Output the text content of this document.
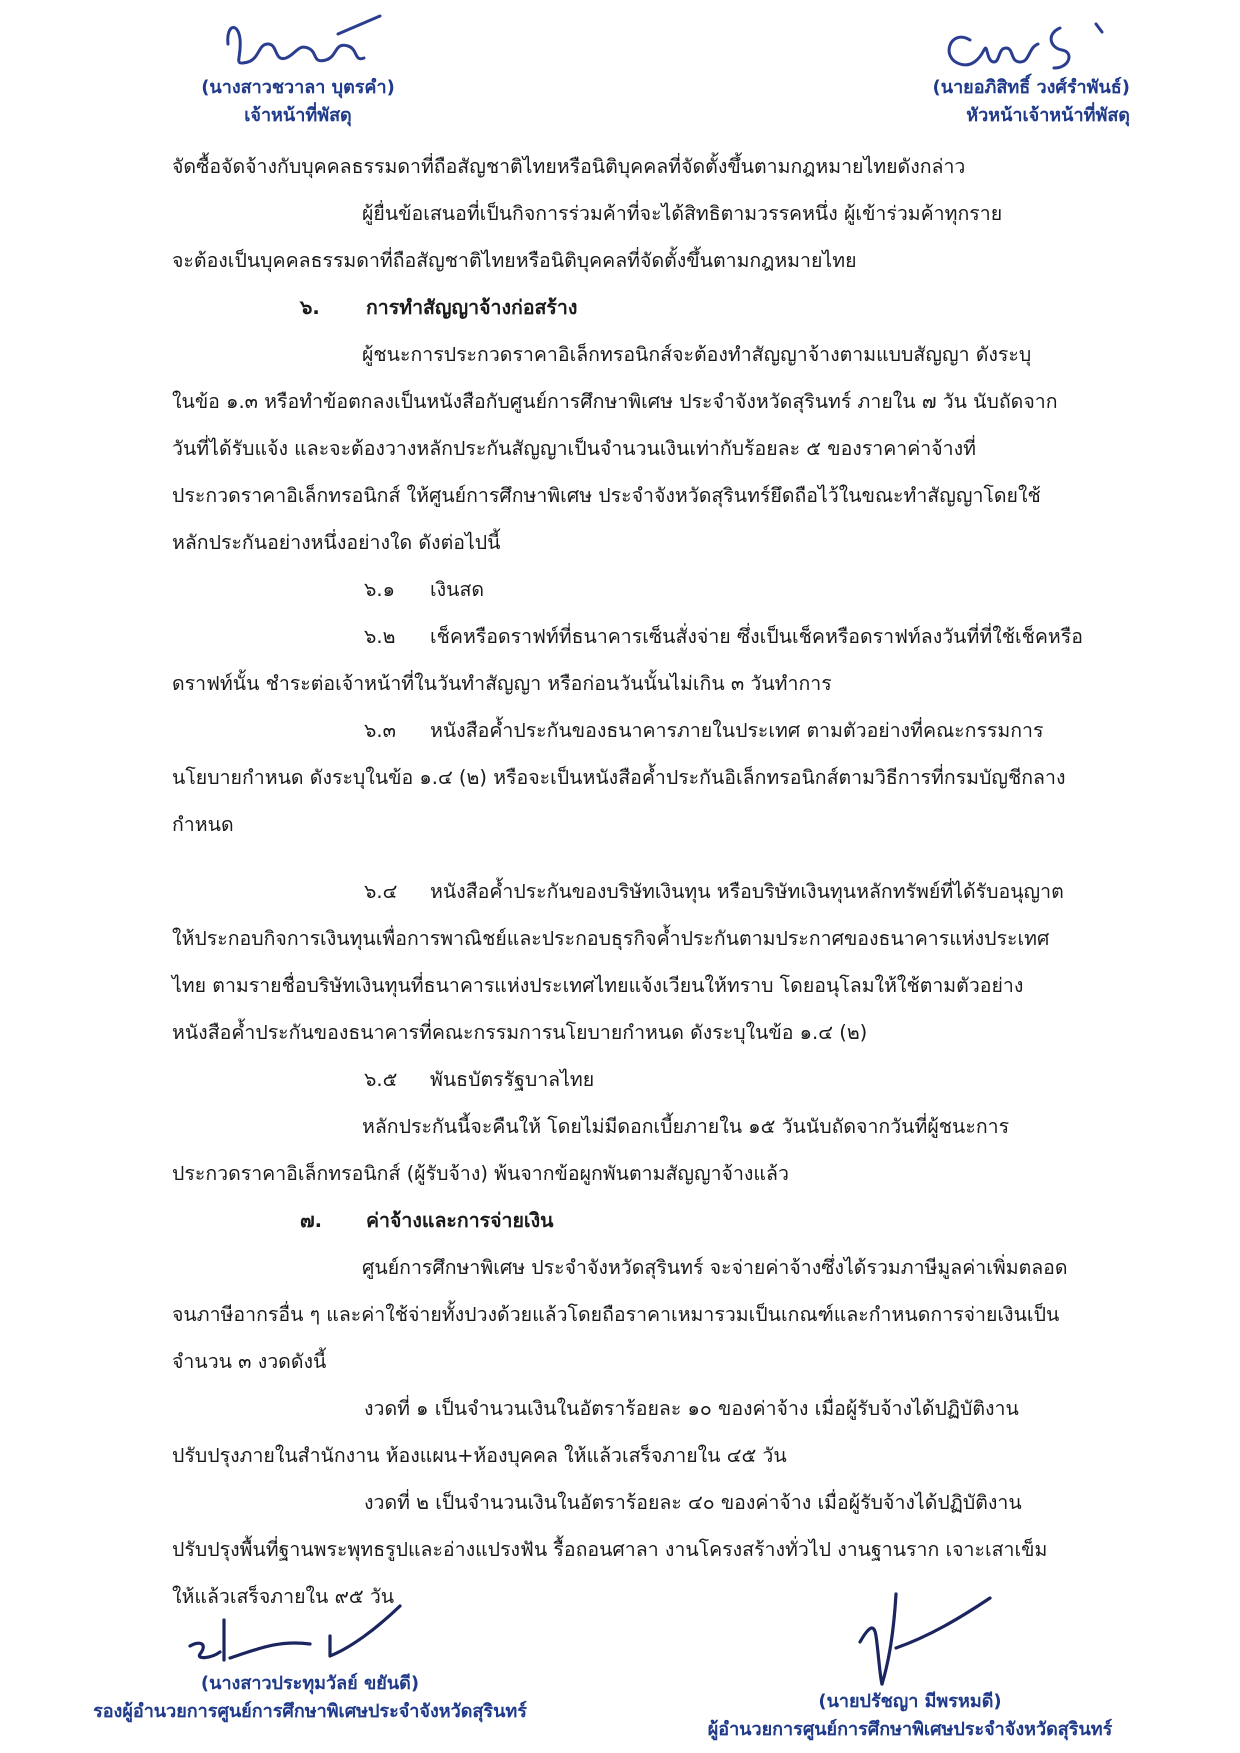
(นางสาวชวาลา บุตรคำ)
เจ้าหน้าที่พัสดุ
(นายอภิสิทธิ์ วงศ์รำพันธ์)
หัวหน้าเจ้าหน้าที่พัสดุ
จัดซื้อจัดจ้างกับบุคคลธรรมดาที่ถือสัญชาติไทยหรือนิติบุคคลที่จัดตั้งขึ้นตามกฎหมายไทยดังกล่าว
ผู้ยื่นข้อเสนอที่เป็นกิจการร่วมค้าที่จะได้สิทธิตามวรรคหนึ่ง ผู้เข้าร่วมค้าทุกราย
จะต้องเป็นบุคคลธรรมดาที่ถือสัญชาติไทยหรือนิติบุคคลที่จัดตั้งขึ้นตามกฎหมายไทย
๖. การทำสัญญาจ้างก่อสร้าง
ผู้ชนะการประกวดราคาอิเล็กทรอนิกส์จะต้องทำสัญญาจ้างตามแบบสัญญา ดังระบุ
ในข้อ ๑.๓ หรือทำข้อตกลงเป็นหนังสือกับศูนย์การศึกษาพิเศษ ประจำจังหวัดสุรินทร์ ภายใน ๗ วัน นับถัดจาก
วันที่ได้รับแจ้ง และจะต้องวางหลักประกันสัญญาเป็นจำนวนเงินเท่ากับร้อยละ ๕ ของราคาค่าจ้างที่
ประกวดราคาอิเล็กทรอนิกส์ ให้ศูนย์การศึกษาพิเศษ ประจำจังหวัดสุรินทร์ยึดถือไว้ในขณะทำสัญญาโดยใช้
หลักประกันอย่างหนึ่งอย่างใด ดังต่อไปนี้
๖.๑ เงินสด
๖.๒ เช็คหรือดราฟท์ที่ธนาคารเซ็นสั่งจ่าย ซึ่งเป็นเช็คหรือดราฟท์ลงวันที่ที่ใช้เช็คหรือ
ดราฟท์นั้น ชำระต่อเจ้าหน้าที่ในวันทำสัญญา หรือก่อนวันนั้นไม่เกิน ๓ วันทำการ
๖.๓ หนังสือค้ำประกันของธนาคารภายในประเทศ ตามตัวอย่างที่คณะกรรมการ
นโยบายกำหนด ดังระบุในข้อ ๑.๔ (๒) หรือจะเป็นหนังสือค้ำประกันอิเล็กทรอนิกส์ตามวิธีการที่กรมบัญชีกลาง
กำหนด
๖.๔ หนังสือค้ำประกันของบริษัทเงินทุน หรือบริษัทเงินทุนหลักทรัพย์ที่ได้รับอนุญาต
ให้ประกอบกิจการเงินทุนเพื่อการพาณิชย์และประกอบธุรกิจค้ำประกันตามประกาศของธนาคารแห่งประเทศ
ไทย ตามรายชื่อบริษัทเงินทุนที่ธนาคารแห่งประเทศไทยแจ้งเวียนให้ทราบ โดยอนุโลมให้ใช้ตามตัวอย่าง
หนังสือค้ำประกันของธนาคารที่คณะกรรมการนโยบายกำหนด ดังระบุในข้อ ๑.๔ (๒)
๖.๕ พันธบัตรรัฐบาลไทย
หลักประกันนี้จะคืนให้ โดยไม่มีดอกเบี้ยภายใน ๑๕ วันนับถัดจากวันที่ผู้ชนะการ
ประกวดราคาอิเล็กทรอนิกส์ (ผู้รับจ้าง) พ้นจากข้อผูกพันตามสัญญาจ้างแล้ว
๗. ค่าจ้างและการจ่ายเงิน
ศูนย์การศึกษาพิเศษ ประจำจังหวัดสุรินทร์ จะจ่ายค่าจ้างซึ่งได้รวมภาษีมูลค่าเพิ่มตลอด
จนภาษีอากรอื่น ๆ และค่าใช้จ่ายทั้งปวงด้วยแล้วโดยถือราคาเหมารวมเป็นเกณฑ์และกำหนดการจ่ายเงินเป็น
จำนวน ๓ งวดดังนี้
งวดที่ ๑ เป็นจำนวนเงินในอัตราร้อยละ ๑๐ ของค่าจ้าง เมื่อผู้รับจ้างได้ปฏิบัติงาน
ปรับปรุงภายในสำนักงาน ห้องแผน+ห้องบุคคล ให้แล้วเสร็จภายใน ๔๕ วัน
งวดที่ ๒ เป็นจำนวนเงินในอัตราร้อยละ ๔๐ ของค่าจ้าง เมื่อผู้รับจ้างได้ปฏิบัติงาน
ปรับปรุงพื้นที่ฐานพระพุทธรูปและอ่างแปรงฟัน รื้อถอนศาลา งานโครงสร้างทั่วไป งานฐานราก เจาะเสาเข็ม
ให้แล้วเสร็จภายใน ๙๕ วัน
(นางสาวประทุมวัลย์ ขยันดี)
รองผู้อำนวยการศูนย์การศึกษาพิเศษประจำจังหวัดสุรินทร์	(นายปรัชญา มีพรหมดี)
ผู้อำนวยการศูนย์การศึกษาพิเศษประจำจังหวัดสุรินทร์
